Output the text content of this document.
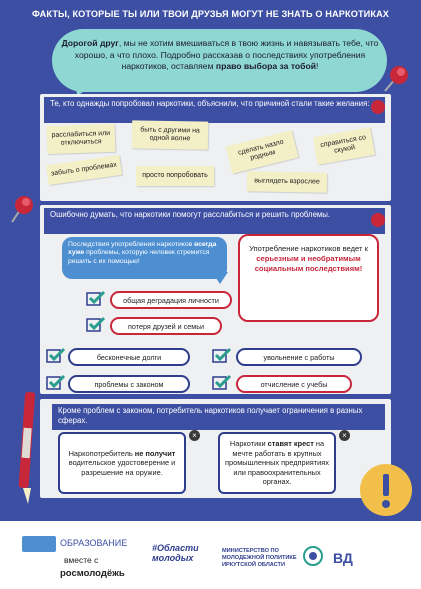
ФАКТЫ, КОТОРЫЕ ТЫ ИЛИ ТВОИ ДРУЗЬЯ МОГУТ НЕ ЗНАТЬ О НАРКОТИКАХ
Дорогой друг, мы не хотим вмешиваться в твою жизнь и навязывать тебе, что хорошо, а что плохо. Подробно рассказав о последствиях употребления наркотиков, оставляем право выбора за тобой!
Те, кто однажды попробовал наркотики, объяснили, что причиной стали такие желания:
расслабиться или отключиться
быть с другими на одной волне	сделать назло родным
справиться со скукой
забыть о проблемах	просто попробовать
выглядеть взрослее
Ошибочно думать, что наркотики помогут расслабиться и решить проблемы.
Последствия употребления наркотиков всегда хуже проблемы, которую человек стремится решить с их помощью!
Употребление наркотиков ведет к
серьезным и необратимым социальным последствиям!
общая деградация личности
потеря друзей и семьи
бесконечные долги	увольнение с работы
проблемы с законом	отчисление с учебы
Кроме проблем с законом, потребитель наркотиков получает ограничения в разных сферах.
Наркопотребитель не получит водительское удостоверение и разрешение на оружие.
×
Наркотики ставят крест на мечте работать в крупных промышленных предприятиях или правоохранительных органах.
×
ОБРАЗОВАНИЕ
вместе с
росмолодёжь
#Области молодых
МИНИСТЕРСТВО ПО МОЛОДЕЖНОЙ ПОЛИТИКЕ ИРКУТСКОЙ ОБЛАСТИ	ВД
